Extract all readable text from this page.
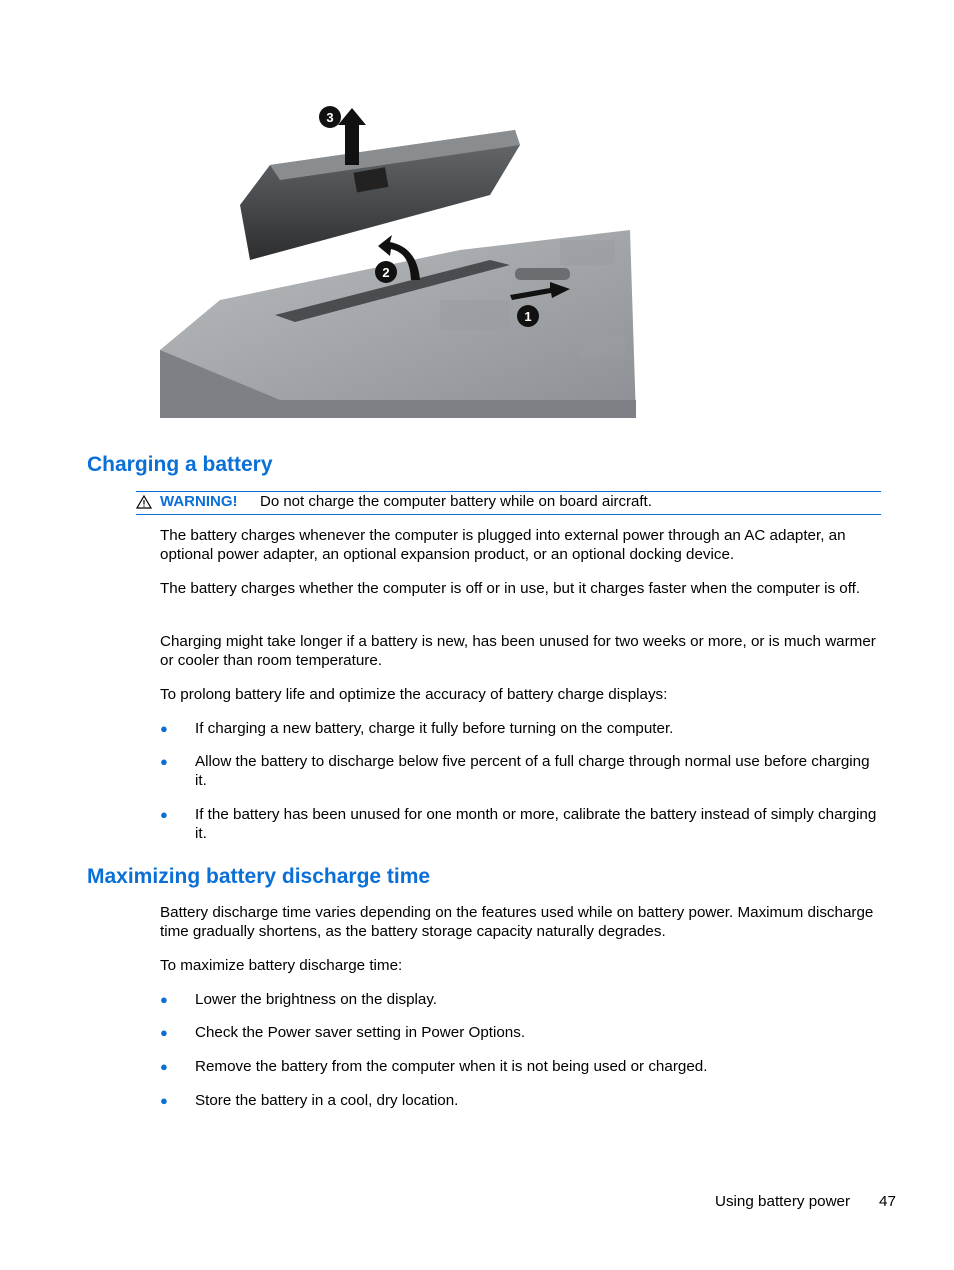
3
2
1
Charging a battery
WARNING! Do not charge the computer battery while on board aircraft.

The battery charges whenever the computer is plugged into external power through an AC adapter, an optional power adapter, an optional expansion product, or an optional docking device.

The battery charges whether the computer is off or in use, but it charges faster when the computer is off.

Charging might take longer if a battery is new, has been unused for two weeks or more, or is much warmer or cooler than room temperature.

To prolong battery life and optimize the accuracy of battery charge displays:

● If charging a new battery, charge it fully before turning on the computer.
● Allow the battery to discharge below five percent of a full charge through normal use before charging it.
● If the battery has been unused for one month or more, calibrate the battery instead of simply charging it.
Maximizing battery discharge time

Battery discharge time varies depending on the features used while on battery power. Maximum discharge time gradually shortens, as the battery storage capacity naturally degrades.

To maximize battery discharge time:

● Lower the brightness on the display.
● Check the Power saver setting in Power Options.
● Remove the battery from the computer when it is not being used or charged.
● Store the battery in a cool, dry location.
Using battery power 47
